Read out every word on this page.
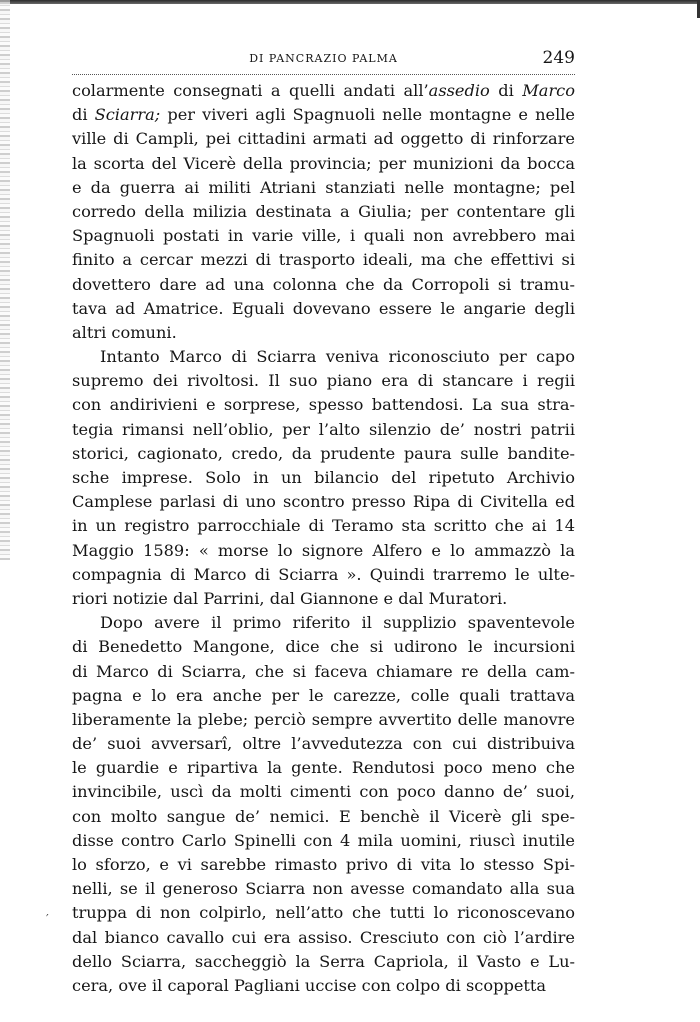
DI PANCRAZIO PALMA	249
colarmente consegnati a quelli andati all’assedio di Marco
di Sciarra; per viveri agli Spagnuoli nelle montagne e nelle
ville di Campli, pei cittadini armati ad oggetto di rinforzare
la scorta del Vicerè della provincia; per munizioni da bocca
e da guerra ai militi Atriani stanziati nelle montagne; pel
corredo della milizia destinata a Giulia; per contentare gli
Spagnuoli postati in varie ville, i quali non avrebbero mai
finito a cercar mezzi di trasporto ideali, ma che effettivi si
dovettero dare ad una colonna che da Corropoli si tramu-
tava ad Amatrice. Eguali dovevano essere le angarie degli
altri comuni.
Intanto Marco di Sciarra veniva riconosciuto per capo
supremo dei rivoltosi. Il suo piano era di stancare i regii
con andirivieni e sorprese, spesso battendosi. La sua stra-
tegia rimansi nell’oblio, per l’alto silenzio de’ nostri patrii
storici, cagionato, credo, da prudente paura sulle bandite-
sche imprese. Solo in un bilancio del ripetuto Archivio
Camplese parlasi di uno scontro presso Ripa di Civitella ed
in un registro parrocchiale di Teramo sta scritto che ai 14
Maggio 1589: « morse lo signore Alfero e lo ammazzò la
compagnia di Marco di Sciarra ». Quindi trarremo le ulte-
riori notizie dal Parrini, dal Giannone e dal Muratori.
Dopo avere il primo riferito il supplizio spaventevole
di Benedetto Mangone, dice che si udirono le incursioni
di Marco di Sciarra, che si faceva chiamare re della cam-
pagna e lo era anche per le carezze, colle quali trattava
liberamente la plebe; perciò sempre avvertito delle manovre
de’ suoi avversarî, oltre l’avvedutezza con cui distribuiva
le guardie e ripartiva la gente. Rendutosi poco meno che
invincibile, uscì da molti cimenti con poco danno de’ suoi,
con molto sangue de’ nemici. E benchè il Vicerè gli spe-
disse contro Carlo Spinelli con 4 mila uomini, riuscì inutile
lo sforzo, e vi sarebbe rimasto privo di vita lo stesso Spi-
nelli, se il generoso Sciarra non avesse comandato alla sua
truppa di non colpirlo, nell’atto che tutti lo riconoscevano
dal bianco cavallo cui era assiso. Cresciuto con ciò l’ardire
dello Sciarra, saccheggiò la Serra Capriola, il Vasto e Lu-
cera, ove il caporal Pagliani uccise con colpo di scoppetta
′
